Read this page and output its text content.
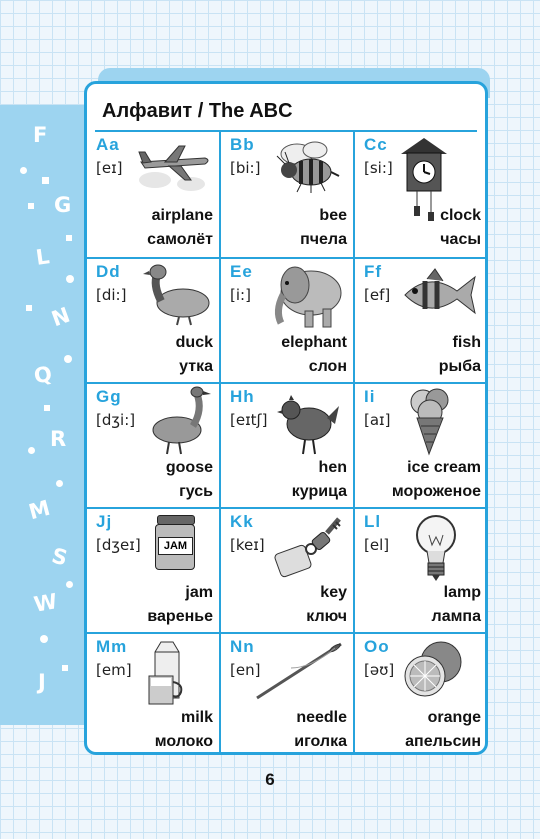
F
G
L
N
Q
R
M
S
W
J
Алфавит / The ABC
Aa
[eɪ]
airplane
самолёт
Bb
[bi:]
bee
пчела
Cc
[si:]
clock
часы
Dd
[di:]
duck
утка
Ee
[i:]
elephant
слон
Ff
[ef]
fish
рыба
Gg
[dʒi:]
goose
гусь
Hh
[eɪtʃ]
hen
курица
Ii
[aɪ]
ice cream
мороженое
Jj
[dʒeɪ]	JAM
jam
варенье
Kk
[keɪ]
key
ключ
Ll
[el]
lamp
лампа
Mm
[em]
milk
молоко
Nn
[en]
needle
иголка
Oo
[əʊ]
orange
апельсин
6
